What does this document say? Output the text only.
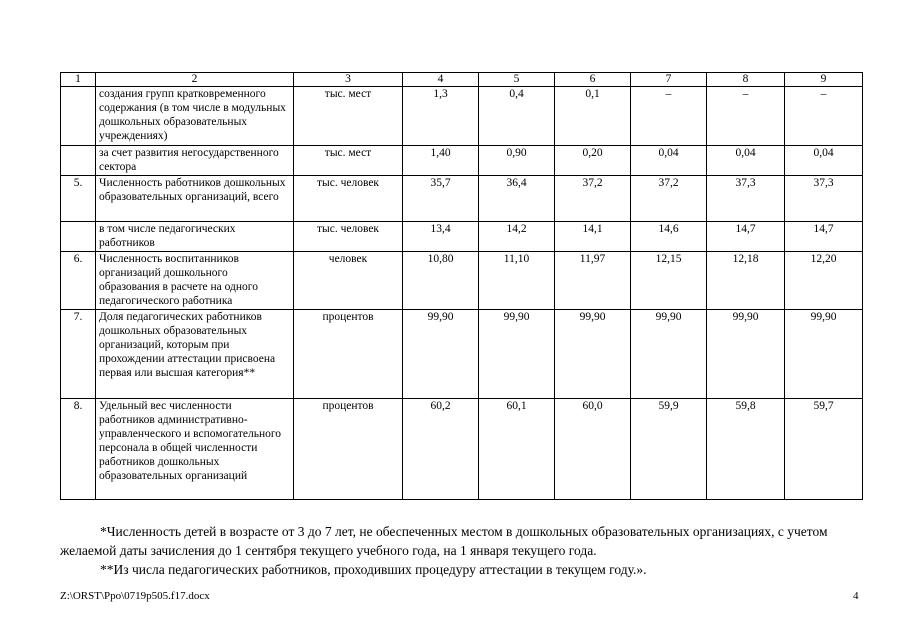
1	2	3	4	5	6	7	8	9
	создания групп кратковременного содержания (в том числе в модульных дошкольных образовательных учреждениях)	тыс. мест	1,3	0,4	0,1	–	–	–
	за счет развития негосударственного сектора	тыс. мест	1,40	0,90	0,20	0,04	0,04	0,04
5.	Численность работников дошкольных образовательных организаций, всего	тыс. человек	35,7	36,4	37,2	37,2	37,3	37,3
	в том числе педагогических работников	тыс. человек	13,4	14,2	14,1	14,6	14,7	14,7
6.	Численность воспитанников организаций дошкольного образования в расчете на одного педагогического работника	человек	10,80	11,10	11,97	12,15	12,18	12,20
7.	Доля педагогических работников дошкольных образовательных организаций, которым при прохождении аттестации присвоена первая или высшая категория**	процентов	99,90	99,90	99,90	99,90	99,90	99,90
8.	Удельный вес численности работников административно-управленческого и вспомогательного персонала в общей численности работников дошкольных образовательных организаций	процентов	60,2	60,1	60,0	59,9	59,8	59,7

*Численность детей в возрасте от 3 до 7 лет, не обеспеченных местом в дошкольных образовательных организациях, с учетом желаемой даты зачисления до 1 сентября текущего учебного года, на 1 января текущего года.

**Из числа педагогических работников, проходивших процедуру аттестации в текущем году.».

Z:\ORST\Ppo\0719p505.f17.docx	4
